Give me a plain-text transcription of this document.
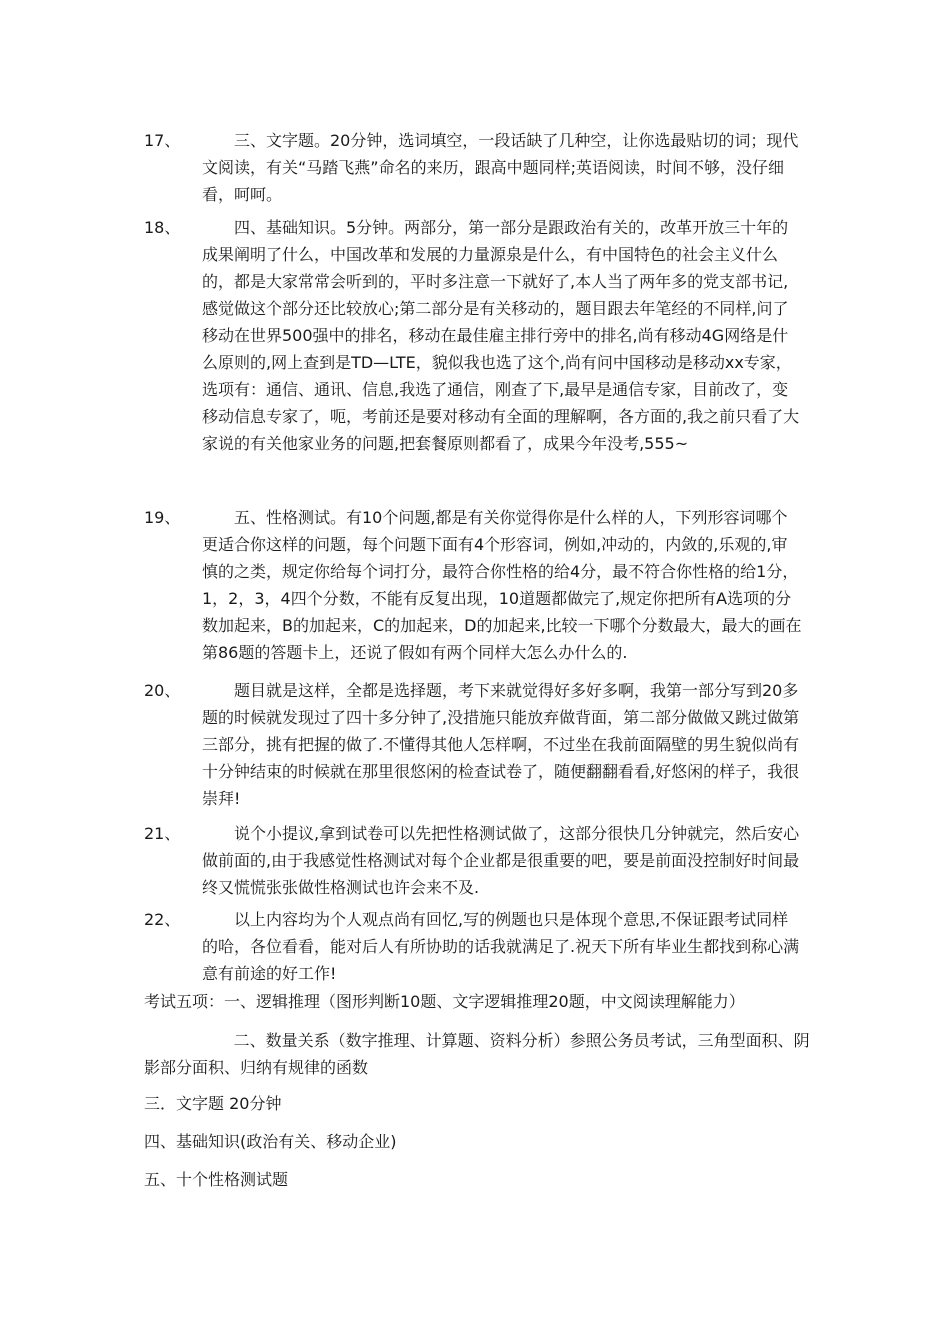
17、	三、文字题。20分钟，选词填空，一段话缺了几种空，让你选最贴切的词；现代文阅读，有关“马踏飞燕”命名的来历，跟高中题同样;英语阅读，时间不够，没仔细看，呵呵。
18、	四、基础知识。5分钟。两部分，第一部分是跟政治有关的，改革开放三十年的成果阐明了什么，中国改革和发展的力量源泉是什么，有中国特色的社会主义什么的，都是大家常常会听到的，平时多注意一下就好了,本人当了两年多的党支部书记,感觉做这个部分还比较放心;第二部分是有关移动的，题目跟去年笔经的不同样,问了移动在世界500强中的排名，移动在最佳雇主排行旁中的排名,尚有移动4G网络是什么原则的,网上查到是TD—LTE，貌似我也选了这个,尚有问中国移动是移动xx专家，选项有：通信、通讯、信息,我选了通信，刚查了下,最早是通信专家，目前改了，变移动信息专家了，呃，考前还是要对移动有全面的理解啊，各方面的,我之前只看了大家说的有关他家业务的问题,把套餐原则都看了，成果今年没考,555~
19、	五、性格测试。有10个问题,都是有关你觉得你是什么样的人，下列形容词哪个更适合你这样的问题，每个问题下面有4个形容词，例如,冲动的，内敛的,乐观的,审慎的之类，规定你给每个词打分，最符合你性格的给4分，最不符合你性格的给1分，1，2，3，4四个分数，不能有反复出现，10道题都做完了,规定你把所有A选项的分数加起来，B的加起来，C的加起来，D的加起来,比较一下哪个分数最大，最大的画在第86题的答题卡上，还说了假如有两个同样大怎么办什么的.
20、	题目就是这样，全都是选择题，考下来就觉得好多好多啊，我第一部分写到20多题的时候就发现过了四十多分钟了,没措施只能放弃做背面，第二部分做做又跳过做第三部分，挑有把握的做了.不懂得其他人怎样啊，不过坐在我前面隔壁的男生貌似尚有十分钟结束的时候就在那里很悠闲的检查试卷了，随便翻翻看看,好悠闲的样子，我很崇拜!
21、	说个小提议,拿到试卷可以先把性格测试做了，这部分很快几分钟就完，然后安心做前面的,由于我感觉性格测试对每个企业都是很重要的吧，要是前面没控制好时间最终又慌慌张张做性格测试也许会来不及.
22、	以上内容均为个人观点尚有回忆,写的例题也只是体现个意思,不保证跟考试同样的哈，各位看看，能对后人有所协助的话我就满足了.祝天下所有毕业生都找到称心满意有前途的好工作!
考试五项：一、逻辑推理（图形判断10题、文字逻辑推理20题，中文阅读理解能力）
二、数量关系（数字推理、计算题、资料分析）参照公务员考试，三角型面积、阴影部分面积、归纳有规律的函数
三．文字题 20分钟
四、基础知识(政治有关、移动企业)
五、十个性格测试题
